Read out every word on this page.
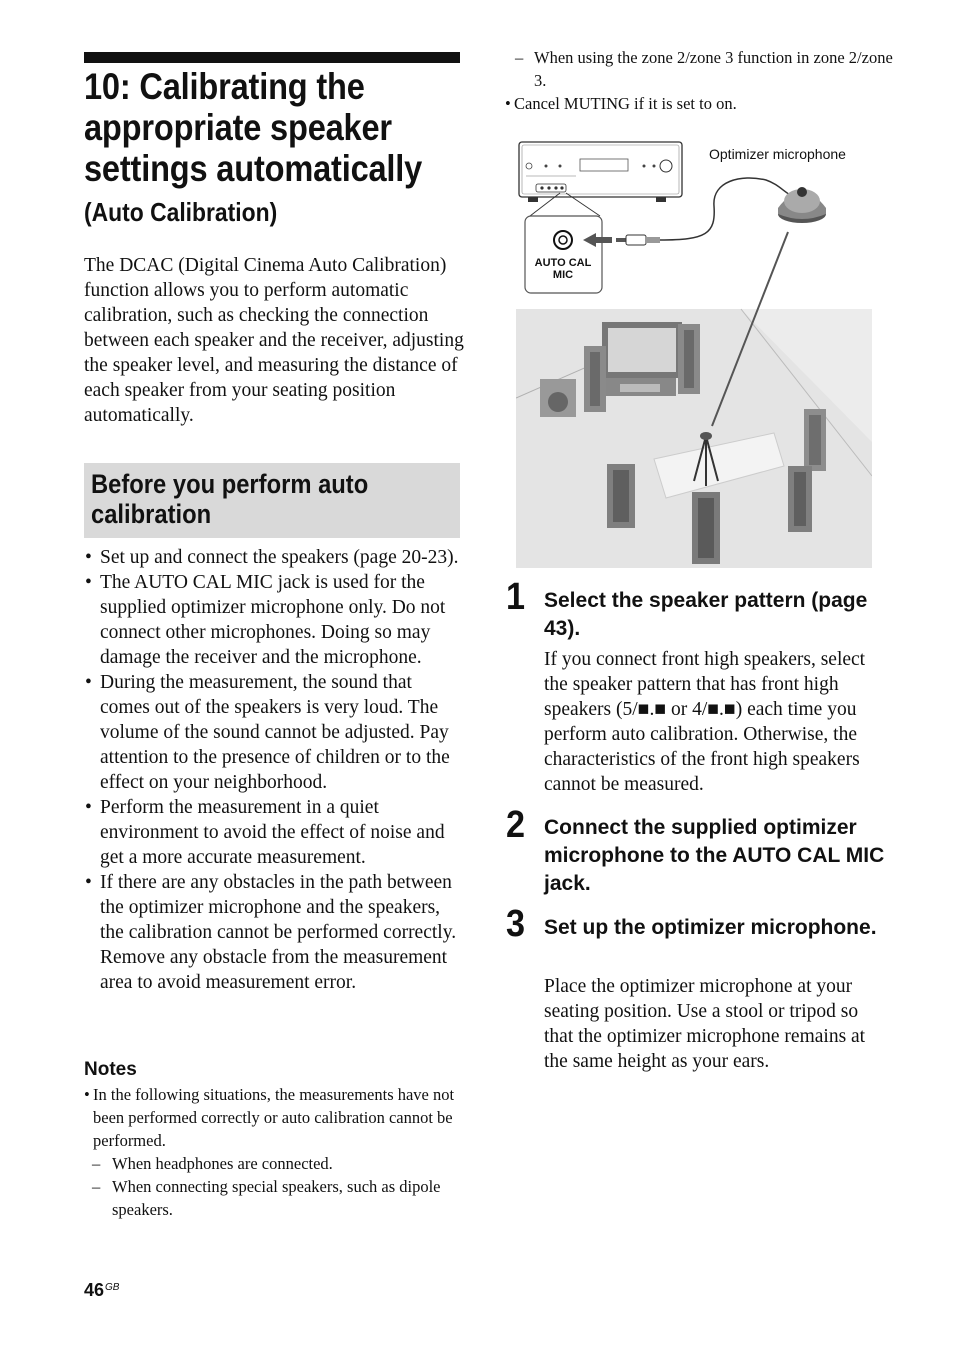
10: Calibrating the appropriate speaker settings automatically
(Auto Calibration)
The DCAC (Digital Cinema Auto Calibration) function allows you to perform automatic calibration, such as checking the connection between each speaker and the receiver, adjusting the speaker level, and measuring the distance of each speaker from your seating position automatically.
Before you perform auto calibration
• Set up and connect the speakers (page 20-23).
• The AUTO CAL MIC jack is used for the supplied optimizer microphone only. Do not connect other microphones. Doing so may damage the receiver and the microphone.
• During the measurement, the sound that comes out of the speakers is very loud. The volume of the sound cannot be adjusted. Pay attention to the presence of children or to the effect on your neighborhood.
• Perform the measurement in a quiet environment to avoid the effect of noise and get a more accurate measurement.
• If there are any obstacles in the path between the optimizer microphone and the speakers, the calibration cannot be performed correctly. Remove any obstacle from the measurement area to avoid measurement error.
Notes
• In the following situations, the measurements have not been performed correctly or auto calibration cannot be performed.
– When headphones are connected.
– When connecting special speakers, such as dipole speakers.
$46^{GB}$
– When using the zone 2/zone 3 function in zone 2/zone 3.
• Cancel MUTING if it is set to on.
AUTO CAL
MIC
Optimizer microphone
1 Select the speaker pattern (page 43).
If you connect front high speakers, select the speaker pattern that has front high speakers (5/■.■ or 4/■.■) each time you perform auto calibration. Otherwise, the characteristics of the front high speakers cannot be measured.
2 Connect the supplied optimizer microphone to the AUTO CAL MIC jack.
3 Set up the optimizer microphone.
Place the optimizer microphone at your seating position. Use a stool or tripod so that the optimizer microphone remains at the same height as your ears.
